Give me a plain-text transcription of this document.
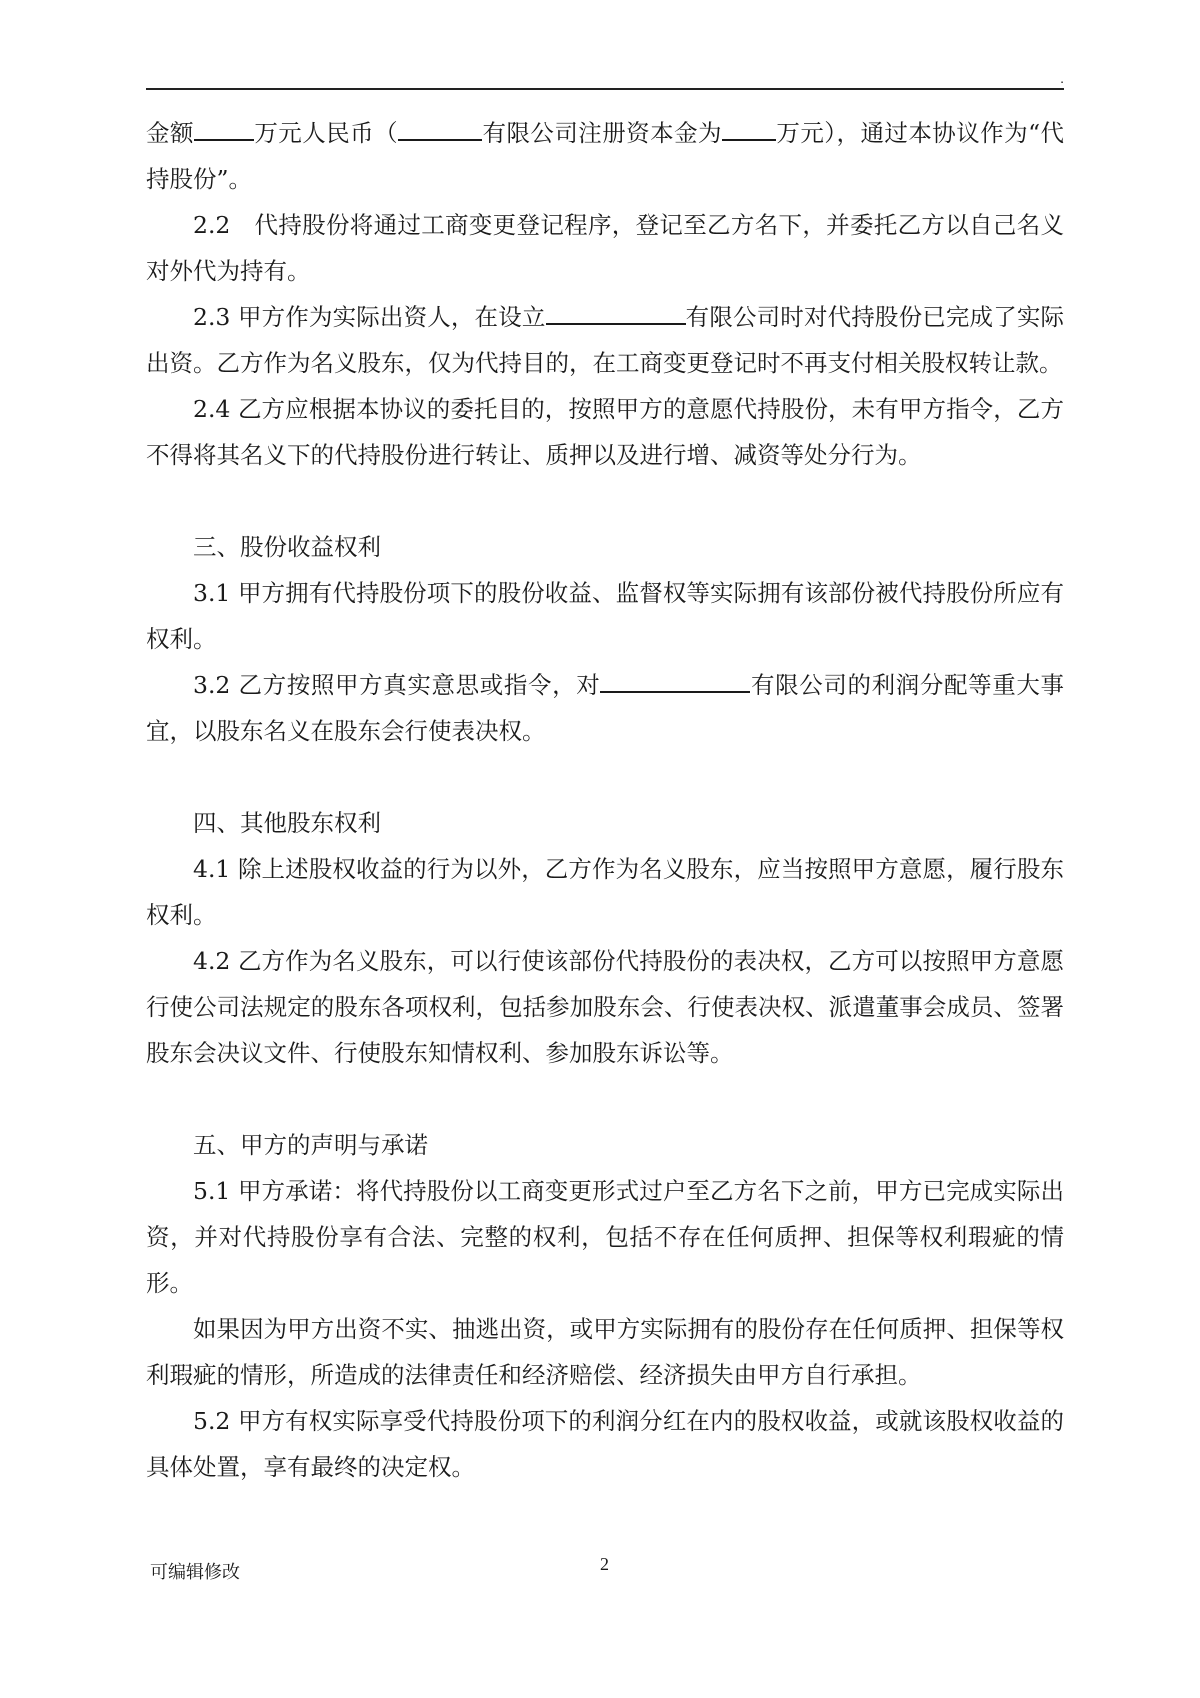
.

金额	万元人民币（	有限公司注册资本金为 万元），通过本协议作为“代持股份”。

2.2　代持股份将通过工商变更登记程序，登记至乙方名下，并委托乙方以自己名义对外代为持有。

2.3 甲方作为实际出资人，在设立	有限公司时对代持股份已完成了实际出资。乙方作为名义股东，仅为代持目的，在工商变更登记时不再支付相关股权转让款。

2.4 乙方应根据本协议的委托目的，按照甲方的意愿代持股份，未有甲方指令，乙方不得将其名义下的代持股份进行转让、质押以及进行增、减资等处分行为。

三、股份收益权利

3.1 甲方拥有代持股份项下的股份收益、监督权等实际拥有该部份被代持股份所应有权利。

3.2 乙方按照甲方真实意思或指令，对	有限公司的利润分配等重大事宜，以股东名义在股东会行使表决权。

四、其他股东权利

4.1 除上述股权收益的行为以外，乙方作为名义股东，应当按照甲方意愿，履行股东权利。

4.2 乙方作为名义股东，可以行使该部份代持股份的表决权，乙方可以按照甲方意愿行使公司法规定的股东各项权利，包括参加股东会、行使表决权、派遣董事会成员、签署股东会决议文件、行使股东知情权利、参加股东诉讼等。

五、甲方的声明与承诺

5.1 甲方承诺：将代持股份以工商变更形式过户至乙方名下之前，甲方已完成实际出资，并对代持股份享有合法、完整的权利，包括不存在任何质押、担保等权利瑕疵的情形。

如果因为甲方出资不实、抽逃出资，或甲方实际拥有的股份存在任何质押、担保等权利瑕疵的情形，所造成的法律责任和经济赔偿、经济损失由甲方自行承担。

5.2 甲方有权实际享受代持股份项下的利润分红在内的股权收益，或就该股权收益的具体处置，享有最终的决定权。

可编辑修改	2
